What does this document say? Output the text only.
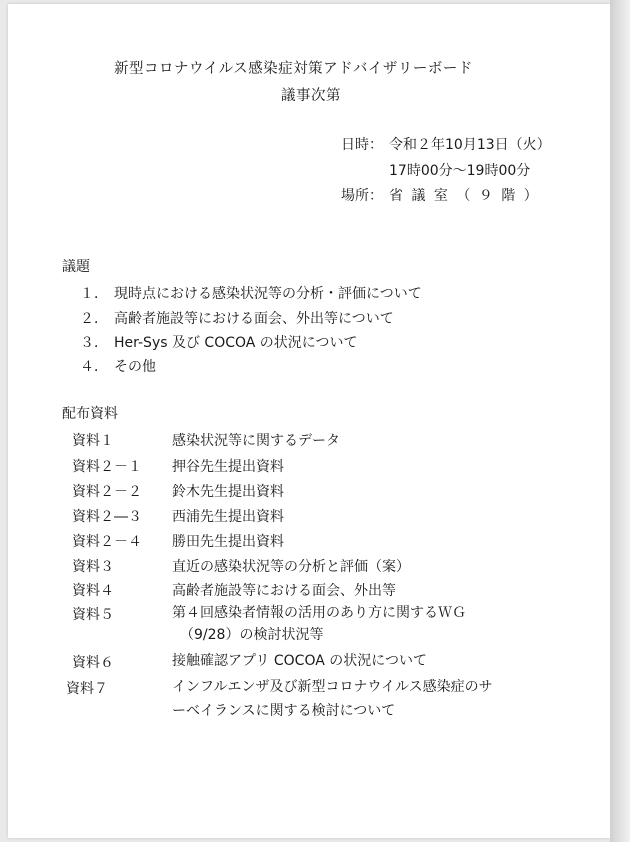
新型コロナウイルス感染症対策アドバイザリーボード
議事次第
日時： 令和２年10月13日（火）
17時00分～19時00分
場所： 省 議 室 （ ９ 階 ）
議題
１． 現時点における感染状況等の分析・評価について
２． 高齢者施設等における面会、外出等について
３． Her-Sys 及び COCOA の状況について
４． その他
配布資料
資料１	感染状況等に関するデータ
資料２－１ 押谷先生提出資料
資料２－２ 鈴木先生提出資料
資料２―３ 西浦先生提出資料
資料２－４ 勝田先生提出資料
資料３	直近の感染状況等の分析と評価（案）
資料４	高齢者施設等における面会、外出等
資料５	第４回感染者情報の活用のあり方に関するＷＧ
（9/28）の検討状況等
資料６	接触確認アプリ COCOA の状況について
資料７	インフルエンザ及び新型コロナウイルス感染症のサ
ーベイランスに関する検討について
